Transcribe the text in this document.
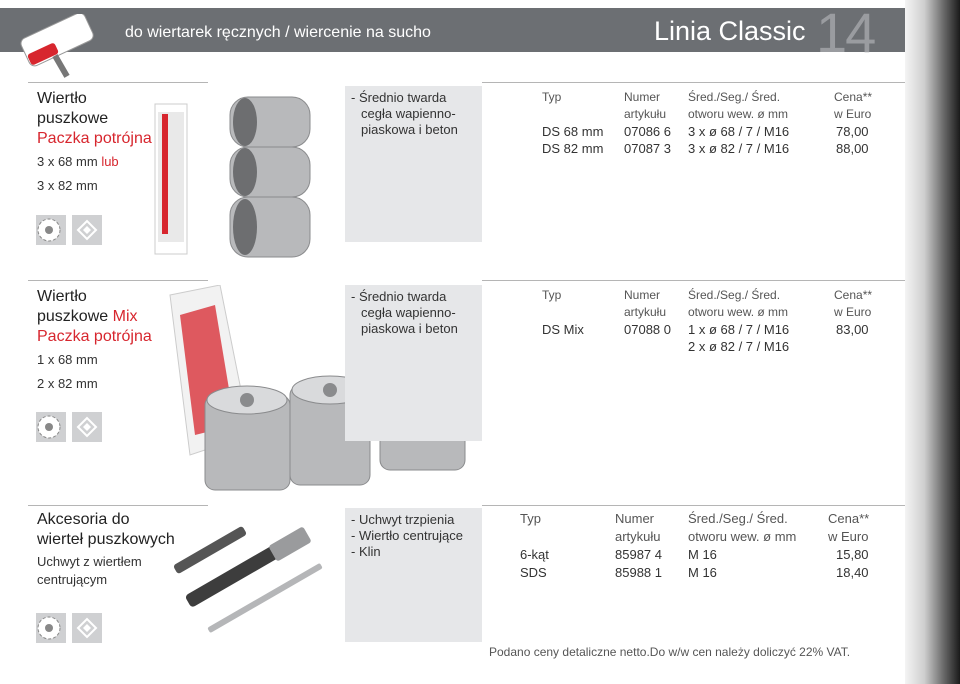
do wiertarek ręcznych / wiercenie na sucho	Linia Classic 14
Wiertło
puszkowe
Paczka potrójna
3 x 68 mm lub
3 x 82 mm
- Średnio twarda
cegła wapienno-
piaskowa i beton
Typ	Numer Śred./Seg./ Śred.	Cena**
artykułu otworu wew. ø mm	w Euro
DS 68 mm 07086 6 3 x ø 68 / 7 / M16	78,00
DS 82 mm 07087 3 3 x ø 82 / 7 / M16	88,00
Wiertło
puszkowe Mix
Paczka potrójna
1 x 68 mm
2 x 82 mm
- Średnio twarda
cegła wapienno-
piaskowa i beton
Typ	Numer Śred./Seg./ Śred.	Cena**
artykułu otworu wew. ø mm	w Euro
DS Mix	07088 0 1 x ø 68 / 7 / M16	83,00
2 x ø 82 / 7 / M16
Akcesoria do
wierteł puszkowych
Uchwyt z wiertłem
centrującym
- Uchwyt trzpienia
- Wiertło centrujące
- Klin
Typ	Numer	Śred./Seg./ Śred.	Cena**
artykułu otworu wew. ø mm w Euro
6-kąt	85987 4 M 16	15,80
SDS	85988 1 M 16	18,40
Podano ceny detaliczne netto.Do w/w cen należy doliczyć 22% VAT.
